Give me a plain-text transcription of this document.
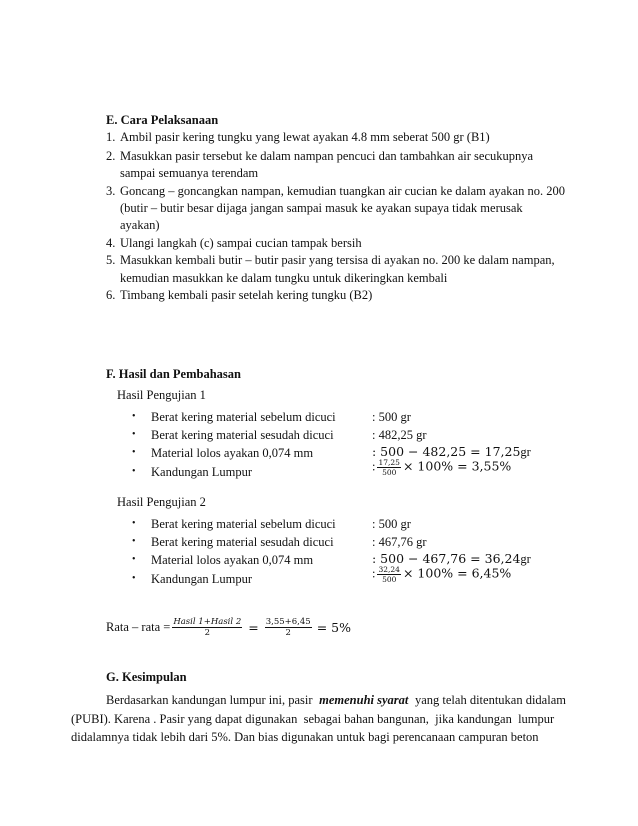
E. Cara Pelaksanaan
1. Ambil pasir kering tungku yang lewat ayakan 4.8 mm seberat 500 gr (B1)
2. Masukkan pasir tersebut ke dalam nampan pencuci dan tambahkan air secukupnya
sampai semuanya terendam
3. Goncang – goncangkan nampan, kemudian tuangkan air cucian ke dalam ayakan no. 200
(butir – butir besar dijaga jangan sampai masuk ke ayakan supaya tidak merusak
ayakan)
4. Ulangi langkah (c) sampai cucian tampak bersih
5. Masukkan kembali butir – butir pasir yang tersisa di ayakan no. 200 ke dalam nampan,
kemudian masukkan ke dalam tungku untuk dikeringkan kembali
6. Timbang kembali pasir setelah kering tungku (B2)
F. Hasil dan Pembahasan
Hasil Pengujian 1
• Berat kering material sebelum dicuci	: 500 gr
• Berat kering material sesudah dicuci	: 482,25 gr
• Material lolos ayakan 0,074 mm	: 500 − 482,25 = 17,25gr
• Kandungan Lumpur	: $\frac{17,25}{500} \times 100\% = 3,55\%$
Hasil Pengujian 2
• Berat kering material sebelum dicuci	: 500 gr
• Berat kering material sesudah dicuci	: 467,76 gr
• Material lolos ayakan 0,074 mm	: 500 − 467,76 = 36,24gr
• Kandungan Lumpur	: $\frac{32,24}{500} \times 100\% = 6,45\%$
Rata – rata = $\frac{\text{Hasil 1+Hasil 2}}{2} = \frac{3,55+6,45}{2} = 5\%$
G. Kesimpulan
Berdasarkan kandungan lumpur ini, pasir memenuhi syarat yang telah ditentukan didalam
(PUBI). Karena . Pasir yang dapat digunakan  sebagai bahan bangunan,  jika kandungan  lumpur
didalamnya tidak lebih dari 5%. Dan bias digunakan untuk bagi perencanaan campuran beton
